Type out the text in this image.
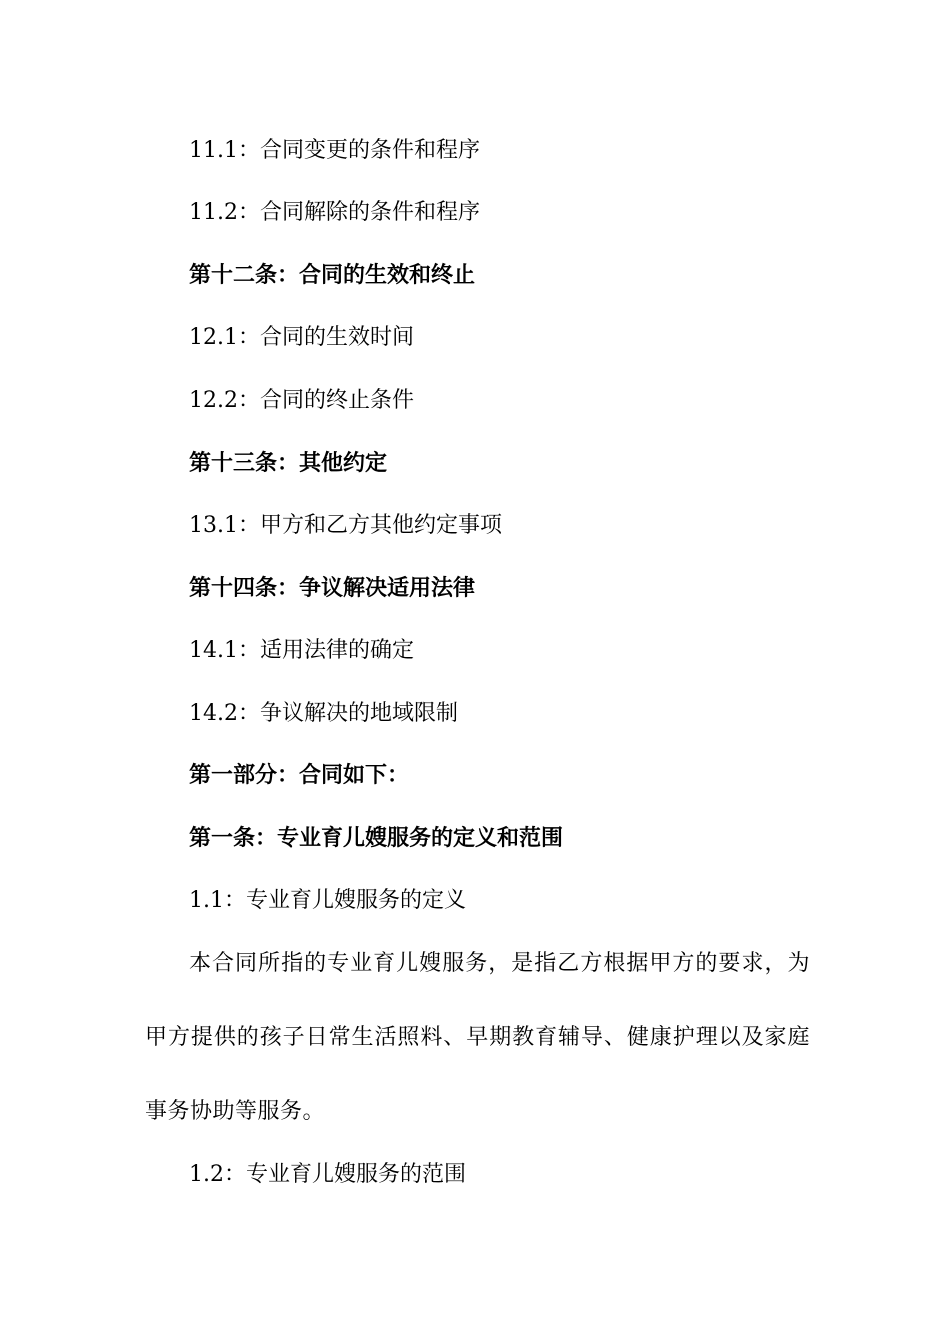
11.1：合同变更的条件和程序
11.2：合同解除的条件和程序
第十二条：合同的生效和终止
12.1：合同的生效时间
12.2：合同的终止条件
第十三条：其他约定
13.1：甲方和乙方其他约定事项
第十四条：争议解决适用法律
14.1：适用法律的确定
14.2：争议解决的地域限制
第一部分：合同如下：
第一条：专业育儿嫂服务的定义和范围
1.1：专业育儿嫂服务的定义
本合同所指的专业育儿嫂服务，是指乙方根据甲方的要求，为甲方提供的孩子日常生活照料、早期教育辅导、健康护理以及家庭事务协助等服务。
1.2：专业育儿嫂服务的范围
